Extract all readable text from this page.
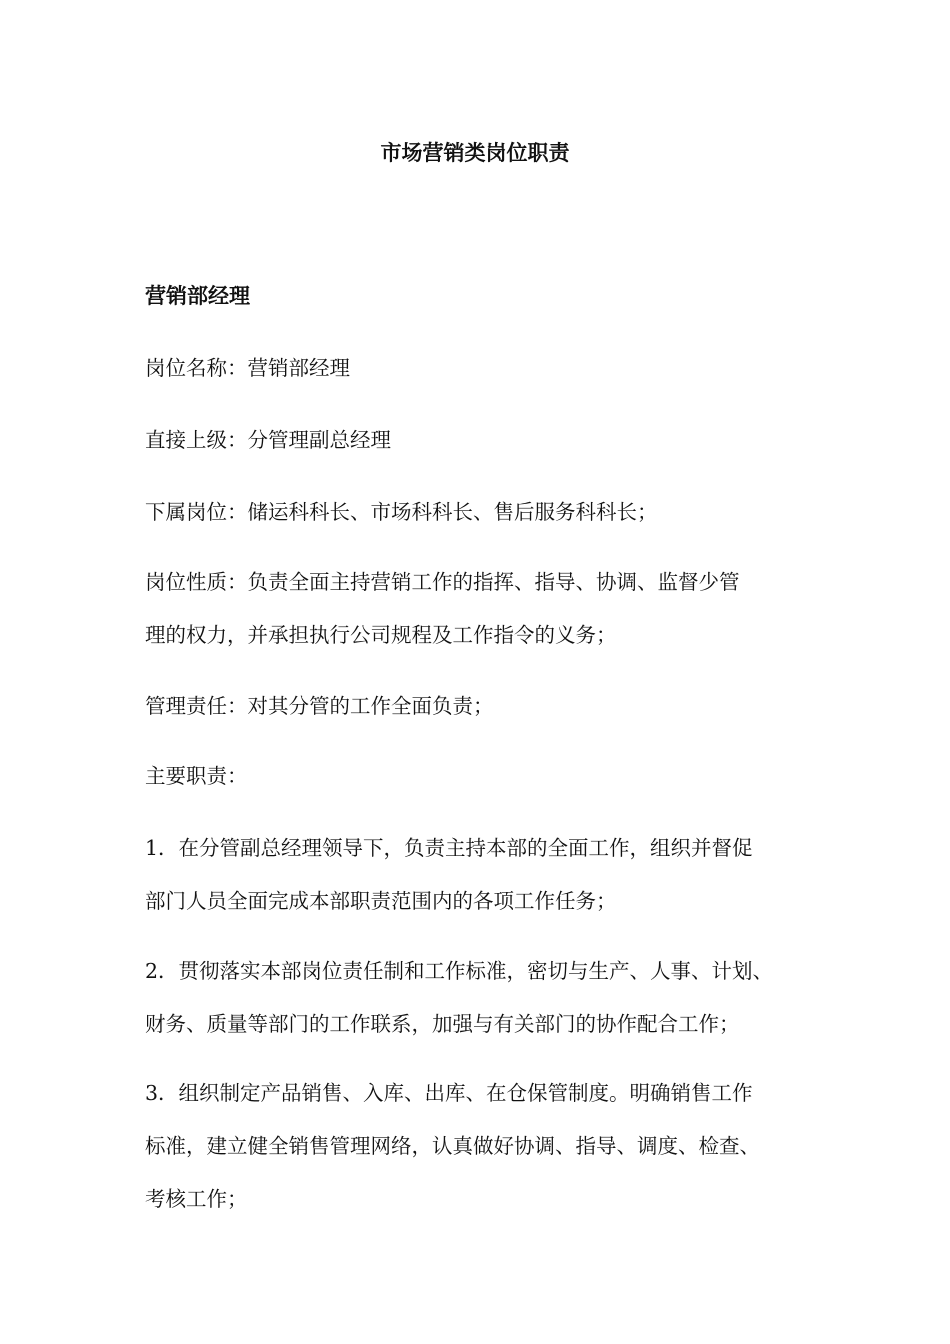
市场营销类岗位职责
营销部经理

岗位名称：营销部经理

直接上级：分管理副总经理

下属岗位：储运科科长、市场科科长、售后服务科科长；

岗位性质：负责全面主持营销工作的指挥、指导、协调、监督少管
理的权力，并承担执行公司规程及工作指令的义务；

管理责任：对其分管的工作全面负责；

主要职责：

1．在分管副总经理领导下，负责主持本部的全面工作，组织并督促
部门人员全面完成本部职责范围内的各项工作任务；

2．贯彻落实本部岗位责任制和工作标准，密切与生产、人事、计划、
财务、质量等部门的工作联系，加强与有关部门的协作配合工作；

3．组织制定产品销售、入库、出库、在仓保管制度。明确销售工作
标准，建立健全销售管理网络，认真做好协调、指导、调度、检查、
考核工作；
